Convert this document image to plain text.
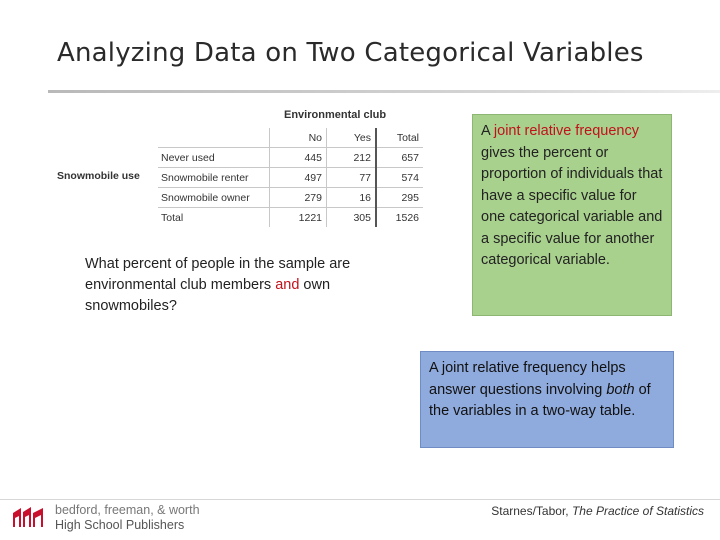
Analyzing Data on Two Categorical Variables
Environmental club
Snowmobile use
	No	Yes	Total
Never used	445	212	657
Snowmobile renter	497	77	574
Snowmobile owner	279	16	295
Total	1221	305	1526
What percent of people in the sample are environmental club members and own snowmobiles?
A joint relative frequency gives the percent or proportion of individuals that have a specific value for one categorical variable and a specific value for another categorical variable.
A joint relative frequency helps answer questions involving both of the variables in a two-way table.
bedford, freeman, & worth
High School Publishers
Starnes/Tabor, The Practice of Statistics
